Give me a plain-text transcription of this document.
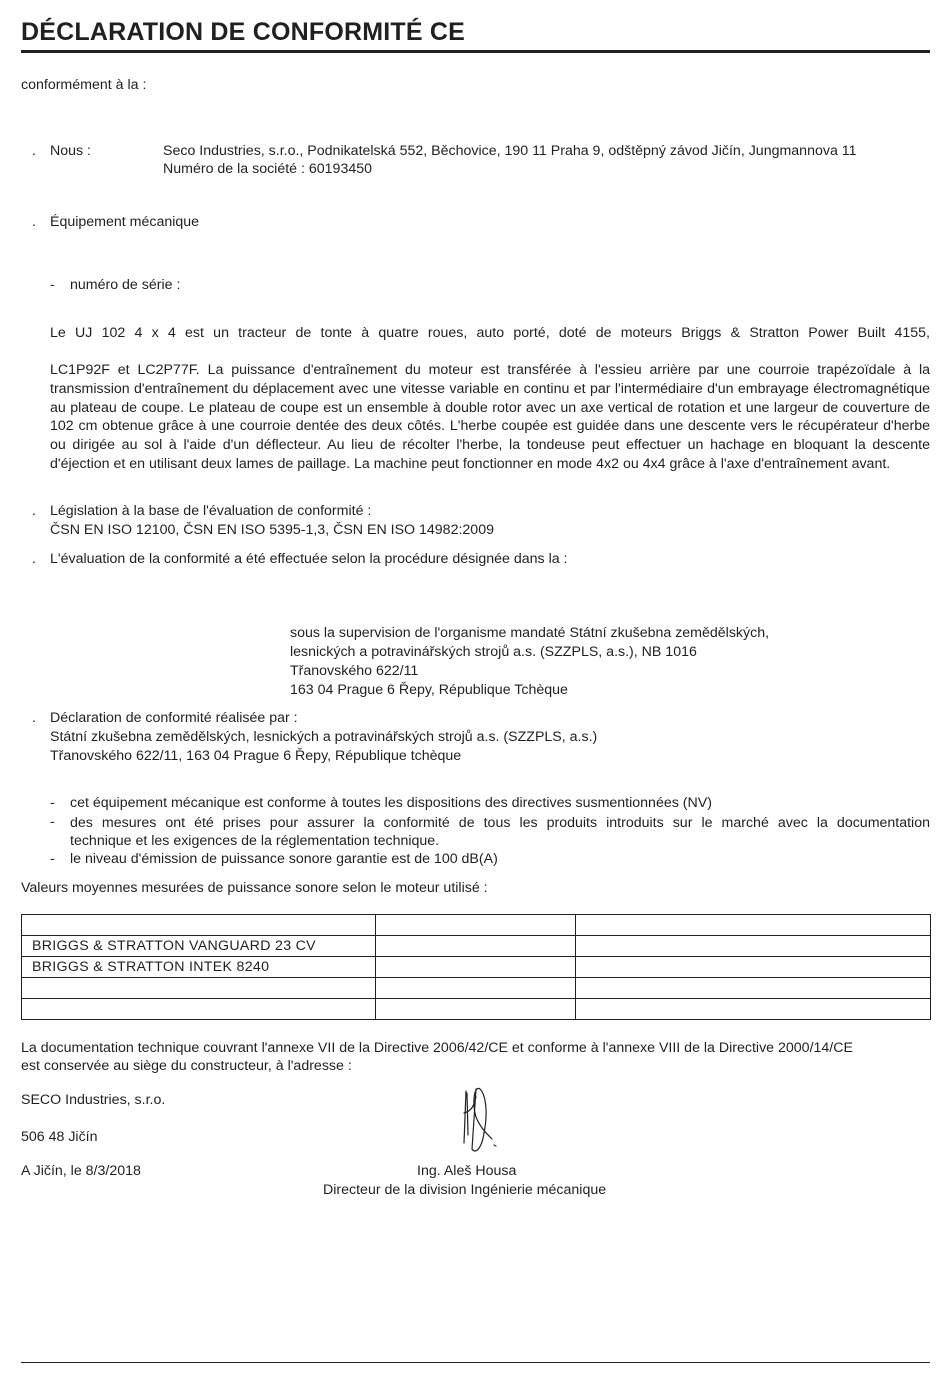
DÉCLARATION DE CONFORMITÉ CE
conformément à la :
. Nous :	Seco Industries, s.r.o., Podnikatelská 552, Běchovice, 190 11 Praha 9, odštěpný závod Jičín, Jungmannova 11
Numéro de la société : 60193450
. Équipement mécanique
- numéro de série :
Le UJ 102 4 x 4 est un tracteur de tonte à quatre roues, auto porté, doté de moteurs Briggs & Stratton Power Built 4155,
LC1P92F et LC2P77F. La puissance d'entraînement du moteur est transférée à l'essieu arrière par une courroie trapézoïdale à la transmission d'entraînement du déplacement avec une vitesse variable en continu et par l'intermédiaire d'un embrayage électromagnétique au plateau de coupe. Le plateau de coupe est un ensemble à double rotor avec un axe vertical de rotation et une largeur de couverture de 102 cm obtenue grâce à une courroie dentée des deux côtés. L'herbe coupée est guidée dans une descente vers le récupérateur d'herbe ou dirigée au sol à l'aide d'un déflecteur. Au lieu de récolter l'herbe, la tondeuse peut effectuer un hachage en bloquant la descente d'éjection et en utilisant deux lames de paillage. La machine peut fonctionner en mode 4x2 ou 4x4 grâce à l'axe d'entraînement avant.
. Législation à la base de l'évaluation de conformité :
ČSN EN ISO 12100, ČSN EN ISO 5395-1,3, ČSN EN ISO 14982:2009
. L'évaluation de la conformité a été effectuée selon la procédure désignée dans la :
sous la supervision de l'organisme mandaté Státní zkušebna zemědělských,
lesnických a potravinářských strojů a.s. (SZZPLS, a.s.), NB 1016
Třanovského 622/11
163 04 Prague 6 Řepy, République Tchèque
. Déclaration de conformité réalisée par :
Státní zkušebna zemědělských, lesnických a potravinářských strojů a.s. (SZZPLS, a.s.)
Třanovského 622/11, 163 04 Prague 6 Řepy, République tchèque
- cet équipement mécanique est conforme à toutes les dispositions des directives susmentionnées (NV)
- des mesures ont été prises pour assurer la conformité de tous les produits introduits sur le marché avec la documentation
technique et les exigences de la réglementation technique.
- le niveau d'émission de puissance sonore garantie est de 100 dB(A)
Valeurs moyennes mesurées de puissance sonore selon le moteur utilisé :

BRIGGS & STRATTON VANGUARD 23 CV		
BRIGGS & STRATTON INTEK 8240		

La documentation technique couvrant l'annexe VII de la Directive 2006/42/CE et conforme à l'annexe VIII de la Directive 2000/14/CE
est conservée au siège du constructeur, à l'adresse :
SECO Industries, s.r.o.
506 48 Jičín
A Jičín, le 8/3/2018	Ing. Aleš Housa
Directeur de la division Ingénierie mécanique
